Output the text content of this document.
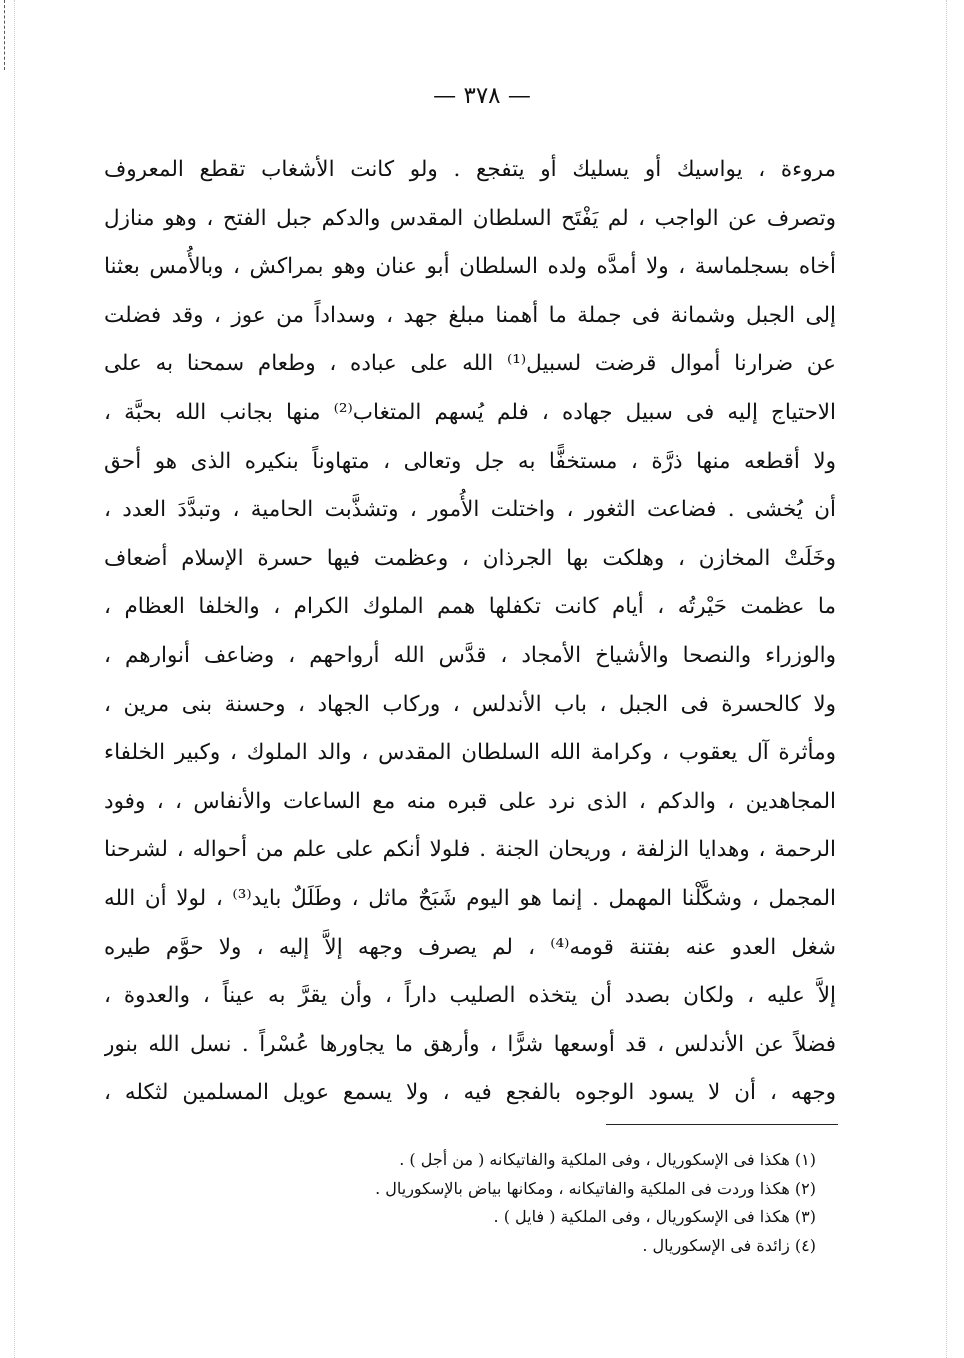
— ٣٧٨ —
مروءة ، يواسيك أو يسليك أو يتفجع . ولو كانت الأشغاب تقطع المعروف
وتصرف عن الواجب ، لم يَفْتَح السلطان المقدس والدكم جبل الفتح ، وهو منازل
أخاه بسجلماسة ، ولا أمدَّه ولده السلطان أبو عنان وهو بمراكش ، وبالأُمس بعثنا
إلى الجبل وشمانة فى جملة ما أهمنا مبلغ جهد ، وسداداً من عوز ، وقد فضلت
عن ضرارنا أموال قرضت لسبيل⁽¹⁾ الله على عباده ، وطعام سمحنا به على
الاحتياج إليه فى سبيل جهاده ، فلم يُسهم المتغاب⁽²⁾ منها بجانب الله بحبَّة ،
ولا أقطعه منها ذرَّة ، مستخفًّا به جل وتعالى ، متهاوناً بنكيره الذى هو أحق
أن يُخشى . فضاعت الثغور ، واختلت الأُمور ، وتشذَّبت الحامية ، وتبدَّدَ العدد ،
وخَلَتْ المخازن ، وهلكت بها الجرذان ، وعظمت فيها حسرة الإسلام أضعاف
ما عظمت حَيْرتُه ، أيام كانت تكفلها همم الملوك الكرام ، والخلفا العظام ،
والوزراء والنصحا والأشياخ الأمجاد ، قدَّس الله أرواحهم ، وضاعف أنوارهم ،
ولا كالحسرة فى الجبل ، باب الأندلس ، وركاب الجهاد ، وحسنة بنى مرين ،
ومأثرة آل يعقوب ، وكرامة الله السلطان المقدس ، والد الملوك ، وكبير الخلفاء
المجاهدين ، والدكم ، الذى نرد على قبره منه مع الساعات والأنفاس ، ، وفود
الرحمة ، وهدايا الزلفة ، وريحان الجنة . فلولا أنكم على علم من أحواله ، لشرحنا
المجمل ، وشكَّلْنا المهمل . إنما هو اليوم شَبَحٌ ماثل ، وطَلَلٌ بايد⁽³⁾ ، لولا أن الله
شغل العدو عنه بفتنة قومه⁽⁴⁾ ، لم يصرف وجهه إلاَّ إليه ، ولا حوَّم طيره
إلاَّ عليه ، ولكان بصدد أن يتخذه الصليب داراً ، وأن يقرَّ به عيناً ، والعدوة ،
فضلاً عن الأندلس ، قد أوسعها شرًّا ، وأرهق ما يجاورها عُسْراً . نسل الله بنور
وجهه ، أن لا يسود الوجوه بالفجع فيه ، ولا يسمع عويل المسلمين لثكله ،
(١) هكذا فى الإسكوريال ، وفى الملكية والفاتيكانه ( من أجل ) .
(٢) هكذا وردت فى الملكية والفاتيكانه ، ومكانها بياض بالإسكوريال .
(٣) هكذا فى الإسكوريال ، وفى الملكية ( فايل ) .
(٤) زائدة فى الإسكوريال .
